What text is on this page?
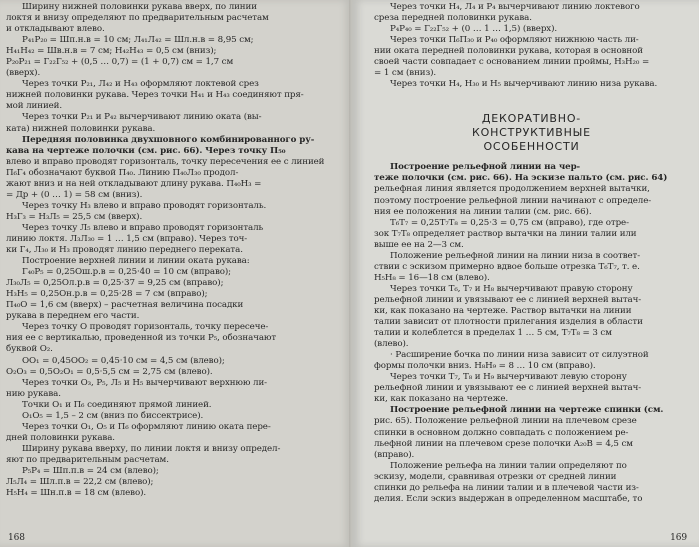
Ширину нижней половинки рукава вверх, по линии
локтя и внизу определяют по предварительным расчетам
и откладывают влево.
P₄₁P₂₀ = Шп.н.в = 10 см; Л₄₁Л₄₂ = Шл.н.в = 8,95 см;
H₄₁H₄₂ = Шв.н.в = 7 см; H₄₂H₄₃ = 0,5 см (вниз);
P₂₀P₂₁ = Г₂₂Г₅₂ + (0,5 … 0,7) = (1 + 0,7) см = 1,7 см
(вверх).
Через точки P₂₁, Л₄₂ и H₄₃ оформляют локтевой срез
нижней половинки рукава. Через точки H₄₁ и H₄₃ соединяют пря-
мой линией.
Через точки P₂₁ и P₄₂ вычерчивают линию оката (вы-
ката) нижней половинки рукава.
Передняя половинка двухшовного комбинированного ру-
кава на чертеже полочки (см. рис. 66). Через точку П₅₀
влево и вправо проводят горизонталь, точку пересечения ее с линией
П₆Г₄ обозначают буквой П₄₀. Линию П₄₀Л₃₀ продол-
жают вниз и на ней откладывают длину рукава. П₄₀H₃ =
= Дp + (0 … 1) = 58 см (вниз).
Через точку H₃ влево и вправо проводят горизонталь.
H₃Г₃ = H₃Л₅ = 25,5 см (вверх).
Через точку Л₅ влево и вправо проводят горизонталь
линию локтя. Л₃Л₃₀ = 1 … 1,5 см (вправо). Через точ-
ки Г₄, Л₃₀ и H₃ проводят линию переднего переката.
Построение верхней линии и линии оката рукава:
Г₄₀P₅ = 0,25Oш.р.в = 0,25·40 = 10 см (вправо);
Л₃₀Л₅ = 0,25Oл.р.в = 0,25·37 = 9,25 см (вправо);
H₃H₅ = 0,25Oн.р.в = 0,25·28 = 7 см (вправо);
П₄₀O = 1,6 см (вверх) – расчетная величина посадки
рукава в переднем его части.
Через точку O проводят горизонталь, точку пересече-
ния ее с вертикалью, проведенной из точки P₅, обозначают
буквой O₂.
OO₁ = 0,45OO₂ = 0,45·10 см = 4,5 см (влево);
O₂O₃ = 0,5O₂O₁ = 0,5·5,5 см = 2,75 см (влево).
Через точки O₃, P₅, Л₅ и H₅ вычерчивают верхнюю ли-
нию рукава.
Точки O₁ и П₆ соединяют прямой линией.
O₁O₅ = 1,5 – 2 см (вниз по биссектрисе).
Через точки O₁, O₅ и П₆ оформляют линию оката пере-
дней половинки рукава.
Ширину рукава вверху, по линии локтя и внизу определ-
яют по предварительным расчетам.
P₅P₄ = Шп.п.в = 24 см (влево);
Л₅Л₄ = Шл.п.в = 22,2 см (влево);
H₅H₄ = Шн.п.в = 18 см (влево).
168
Через точки H₄, Л₄ и P₄ вычерчивают линию локтевого
среза передней половинки рукава.
P₄P₄₀ = Г₂₂Г₅₂ + (0 … 1 … 1,5) (вверх).
Через точки П₆П₃₀ и P₄₀ оформляют нижнюю часть ли-
нии оката передней половинки рукава, которая в основной
своей части совпадает с основанием линии проймы, H₃H₂₀ =
= 1 см (вниз).
Через точки H₄, H₃₀ и H₅ вычерчивают линию низа рукава.
ДЕКОРАТИВНО-
КОНСТРУКТИВНЫЕ
ОСОБЕННОСТИ
Построение рельефной линии на чер-
теже полочки (см. рис. 66). На эскизе пальто (см. рис. 64)
рельефная линия является продолжением верхней вытачки,
поэтому построение рельефной линии начинают с определе-
ния ее положения на линии талии (см. рис. 66).
T₆T₇ = 0,25T₇T₈ = 0,25·3 = 0,75 см (вправо), где отре-
зок T₇T₈ определяет раствор вытачки на линии талии или
выше ее на 2—3 см.
Положение рельефной линии на линии низа в соответ-
ствии с эскизом примерно вдвое больше отрезка T₆T₇, т. е.
H₅H₈ = 16—18 см (влево).
Через точки T₆, T₇ и H₈ вычерчивают правую сторону
рельефной линии и увязывают ее с линией верхней вытач-
ки, как показано на чертеже. Раствор вытачки на линии
талии зависит от плотности прилегания изделия в области
талии и колеблется в пределах 1 … 5 см, T₇T₈ = 3 см
(влево).
· Расширение бочка по линии низа зависит от силуэтной
формы полочки вниз. H₈H₉ = 8 … 10 см (вправо).
Через точки T₇, T₈ и H₉ вычерчивают левую сторону
рельефной линии и увязывают ее с линией верхней вытач-
ки, как показано на чертеже.
Построение рельефной линии на чертеже спинки (см.
рис. 65). Положение рельефной линии на плечевом срезе
спинки в основном должно совпадать с положением ре-
льефной линии на плечевом срезе полочки A₂₀B = 4,5 см
(вправо).
Положение рельефа на линии талии определяют по
эскизу, модели, сравнивая отрезки от средней линии
спинки до рельефа на линии талии и в плечевой части из-
делия. Если эскиз выдержан в определенном масштабе, то
169
